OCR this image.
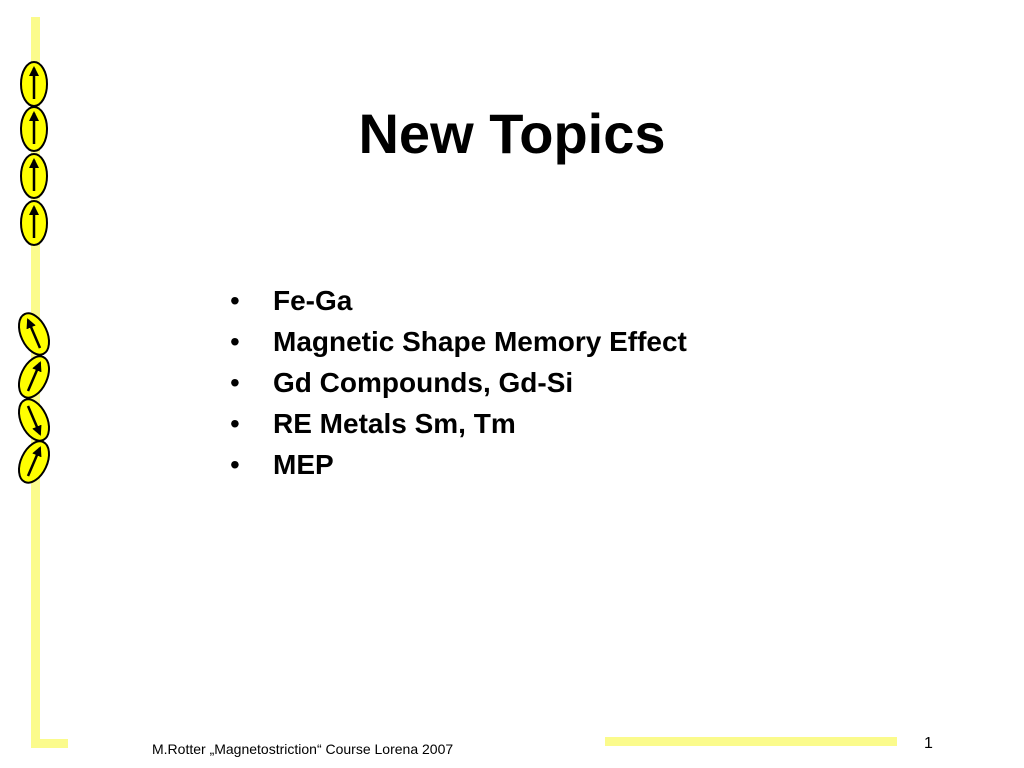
New Topics
• Fe-Ga
• Magnetic Shape Memory Effect
• Gd Compounds, Gd-Si
• RE Metals Sm, Tm
• MEP
M.Rotter „Magnetostriction“ Course Lorena 2007	1
